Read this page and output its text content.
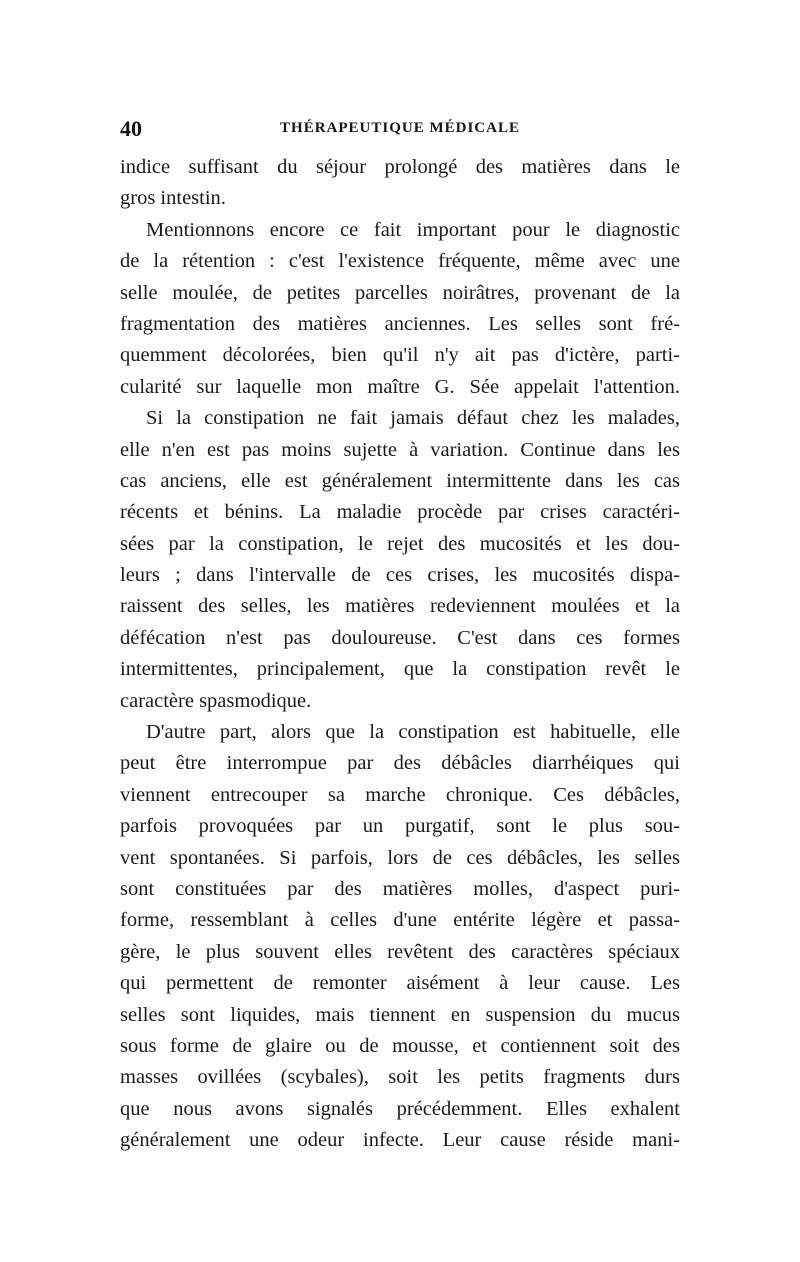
40	THÉRAPEUTIQUE MÉDICALE
indice suffisant du séjour prolongé des matières dans le
gros intestin.
Mentionnons encore ce fait important pour le diagnostic
de la rétention : c'est l'existence fréquente, même avec une
selle moulée, de petites parcelles noirâtres, provenant de la
fragmentation des matières anciennes. Les selles sont fré-
quemment décolorées, bien qu'il n'y ait pas d'ictère, parti-
cularité sur laquelle mon maître G. Sée appelait l'attention.
Si la constipation ne fait jamais défaut chez les malades,
elle n'en est pas moins sujette à variation. Continue dans les
cas anciens, elle est généralement intermittente dans les cas
récents et bénins. La maladie procède par crises caractéri-
sées par la constipation, le rejet des mucosités et les dou-
leurs ; dans l'intervalle de ces crises, les mucosités dispa-
raissent des selles, les matières redeviennent moulées et la
défécation n'est pas douloureuse. C'est dans ces formes
intermittentes, principalement, que la constipation revêt le
caractère spasmodique.
D'autre part, alors que la constipation est habituelle, elle
peut être interrompue par des débâcles diarrhéiques qui
viennent entrecouper sa marche chronique. Ces débâcles,
parfois provoquées par un purgatif, sont le plus sou-
vent spontanées. Si parfois, lors de ces débâcles, les selles
sont constituées par des matières molles, d'aspect puri-
forme, ressemblant à celles d'une entérite légère et passa-
gère, le plus souvent elles revêtent des caractères spéciaux
qui permettent de remonter aisément à leur cause. Les
selles sont liquides, mais tiennent en suspension du mucus
sous forme de glaire ou de mousse, et contiennent soit des
masses ovillées (scybales), soit les petits fragments durs
que nous avons signalés précédemment. Elles exhalent
généralement une odeur infecte. Leur cause réside mani-
